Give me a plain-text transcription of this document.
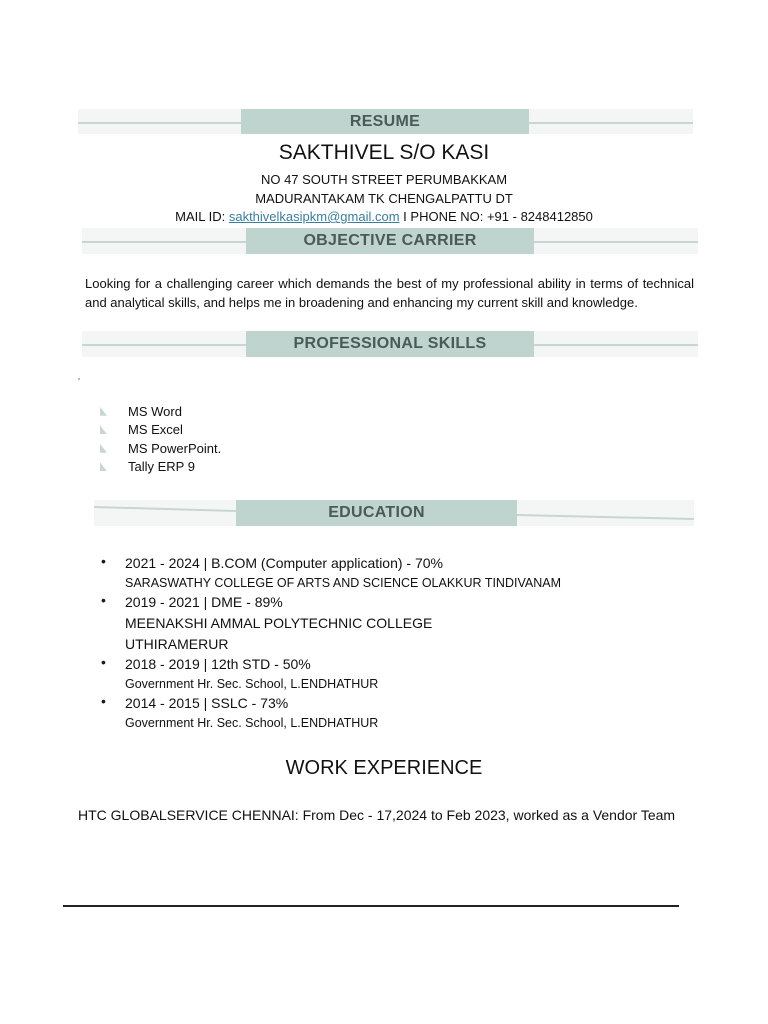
RESUME
SAKTHIVEL S/O KASI
NO 47 SOUTH STREET PERUMBAKKAM
MADURANTAKAM TK CHENGALPATTU DT
MAIL ID: sakthivelkasipkm@gmail.com I PHONE NO: +91 - 8248412850
OBJECTIVE CARRIER
Looking for a challenging career which demands the best of my professional ability in terms of technical and analytical skills, and helps me in broadening and enhancing my current skill and knowledge.
PROFESSIONAL SKILLS
MS Word
MS Excel
MS PowerPoint.
Tally ERP 9
EDUCATION
• 2021 - 2024 | B.COM (Computer application) - 70%
SARASWATHY COLLEGE OF ARTS AND SCIENCE OLAKKUR TINDIVANAM
• 2019 - 2021 | DME - 89%
MEENAKSHI AMMAL POLYTECHNIC COLLEGE
UTHIRAMERUR
• 2018 - 2019 | 12th STD - 50%
Government Hr. Sec. School, L.ENDHATHUR
• 2014 - 2015 | SSLC - 73%
Government Hr. Sec. School, L.ENDHATHUR
WORK EXPERIENCE
HTC GLOBALSERVICE CHENNAI: From Dec - 17,2024 to Feb 2023, worked as a Vendor Team
